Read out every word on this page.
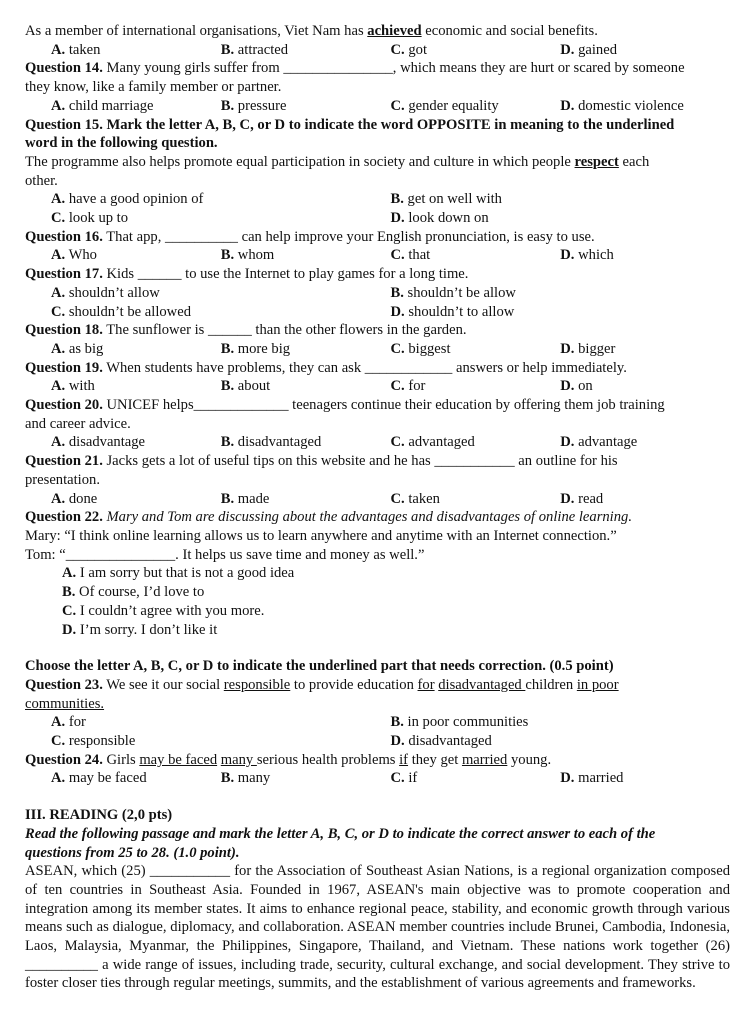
As a member of international organisations, Viet Nam has achieved economic and social benefits.

A. taken	B. attracted	C. got	D. gained

Question 14. Many young girls suffer from _______________, which means they are hurt or scared by someone

they know, like a family member or partner.

A. child marriage	B. pressure	C. gender equality	D. domestic violence

Question 15. Mark the letter A, B, C, or D to indicate the word OPPOSITE in meaning to the underlined

word in the following question.

The programme also helps promote equal participation in society and culture in which people respect each

other.

A. have a good opinion of	B. get on well with
C. look up to	D. look down on

Question 16. That app, __________ can help improve your English pronunciation, is easy to use.

A. Who	B. whom	C. that	D. which

Question 17. Kids ______ to use the Internet to play games for a long time.

A. shouldn’t allow	B. shouldn’t be allow
C. shouldn’t be allowed	D. shouldn’t to allow

Question 18. The sunflower is ______ than the other flowers in the garden.

A. as big	B. more big	C. biggest	D. bigger

Question 19. When students have problems, they can ask ____________ answers or help immediately.

A. with	B. about	C. for	D. on

Question 20. UNICEF helps_____________ teenagers continue their education by offering them job training

and career advice.

A. disadvantage	B. disadvantaged	C. advantaged	D. advantage

Question 21. Jacks gets a lot of useful tips on this website and he has ___________ an outline for his

presentation.

A. done	B. made	C. taken	D. read

Question 22. Mary and Tom are discussing about the advantages and disadvantages of online learning.

Mary: “I think online learning allows us to learn anywhere and anytime with an Internet connection.”

Tom: “_______________. It helps us save time and money as well.”

A. I am sorry but that is not a good idea

B. Of course, I’d love to

C. I couldn’t agree with you more.

D. I’m sorry. I don’t like it

Choose the letter A, B, C, or D to indicate the underlined part that needs correction. (0.5 point)

Question 23. We see it our social responsible to provide education for disadvantaged children in poor

communities.

A. for	B. in poor communities
C. responsible	D. disadvantaged

Question 24. Girls may be faced many serious health problems if they get married young.

A. may be faced	B. many	C. if	D. married

III. READING (2,0 pts)

Read the following passage and mark the letter A, B, C, or D to indicate the correct answer to each of the

questions from 25 to 28. (1.0 point).

ASEAN, which (25) ___________ for the Association of Southeast Asian Nations, is a regional organization composed of ten countries in Southeast Asia. Founded in 1967, ASEAN's main objective was to promote cooperation and integration among its member states. It aims to enhance regional peace, stability, and economic growth through various means such as dialogue, diplomacy, and collaboration. ASEAN member countries include Brunei, Cambodia, Indonesia, Laos, Malaysia, Myanmar, the Philippines, Singapore, Thailand, and Vietnam. These nations work together (26) __________ a wide range of issues, including trade, security, cultural exchange, and social development. They strive to foster closer ties through regular meetings, summits, and the establishment of various agreements and frameworks.
